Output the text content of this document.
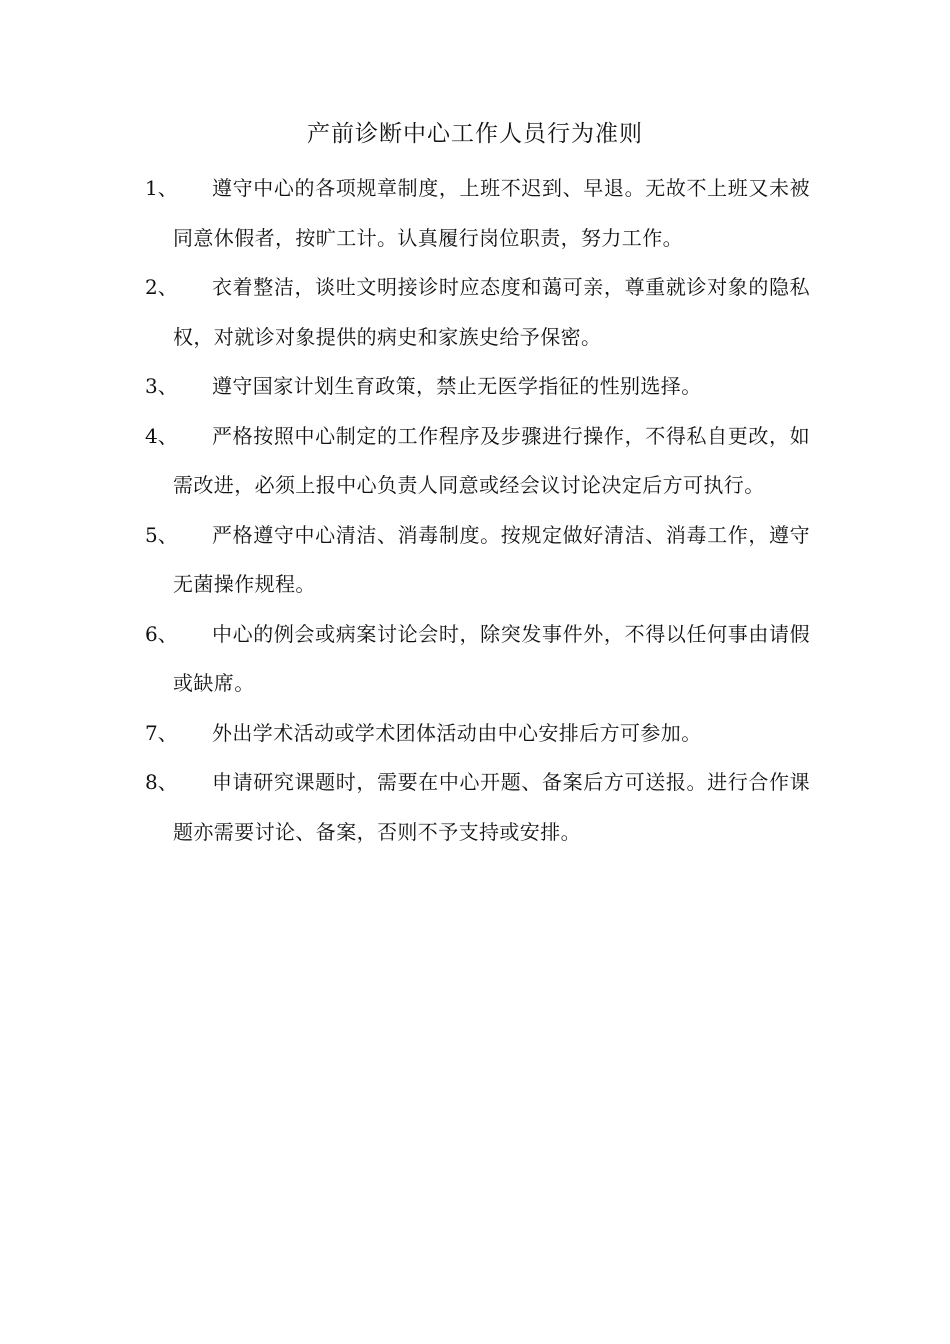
产前诊断中心工作人员行为准则
1、	遵守中心的各项规章制度，上班不迟到、早退。无故不上班又未被同意休假者，按旷工计。认真履行岗位职责，努力工作。
2、	衣着整洁，谈吐文明接诊时应态度和蔼可亲，尊重就诊对象的隐私权，对就诊对象提供的病史和家族史给予保密。
3、	遵守国家计划生育政策，禁止无医学指征的性别选择。
4、	严格按照中心制定的工作程序及步骤进行操作，不得私自更改，如需改进，必须上报中心负责人同意或经会议讨论决定后方可执行。
5、	严格遵守中心清洁、消毒制度。按规定做好清洁、消毒工作，遵守无菌操作规程。
6、	中心的例会或病案讨论会时，除突发事件外，不得以任何事由请假或缺席。
7、	外出学术活动或学术团体活动由中心安排后方可参加。
8、	申请研究课题时，需要在中心开题、备案后方可送报。进行合作课题亦需要讨论、备案，否则不予支持或安排。
